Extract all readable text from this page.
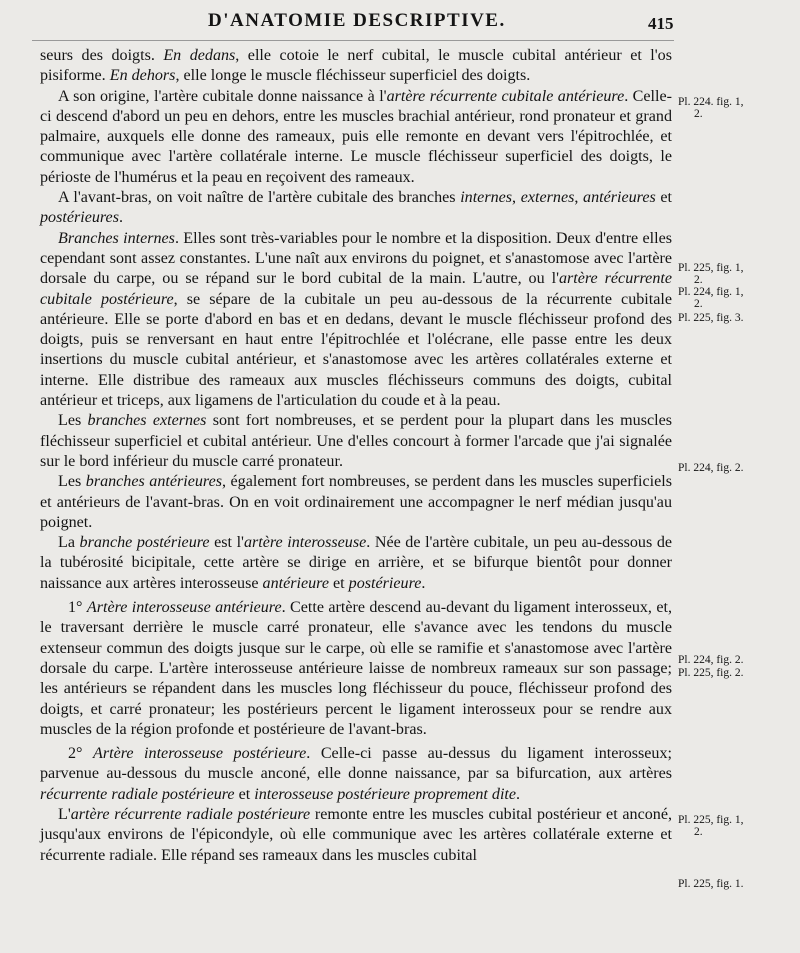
D'ANATOMIE DESCRIPTIVE.	415

seurs des doigts. En dedans, elle cotoie le nerf cubital, le muscle cubital antérieur et l'os pisiforme. En dehors, elle longe le muscle fléchisseur superficiel des doigts.

A son origine, l'artère cubitale donne naissance à l'artère récurrente cubitale antérieure. Celle-ci descend d'abord un peu en dehors, entre les muscles brachial antérieur, rond pronateur et grand palmaire, auxquels elle donne des rameaux, puis elle remonte en devant vers l'épitrochlée, et communique avec l'artère collatérale interne. Le muscle fléchisseur superficiel des doigts, le périoste de l'humérus et la peau en reçoivent des rameaux.

A l'avant-bras, on voit naître de l'artère cubitale des branches internes, externes, antérieures et postérieures.

Branches internes. Elles sont très-variables pour le nombre et la disposition. Deux d'entre elles cependant sont assez constantes. L'une naît aux environs du poignet, et s'anastomose avec l'artère dorsale du carpe, ou se répand sur le bord cubital de la main. L'autre, ou l'artère récurrente cubitale postérieure, se sépare de la cubitale un peu au-dessous de la récurrente cubitale antérieure. Elle se porte d'abord en bas et en dedans, devant le muscle fléchisseur profond des doigts, puis se renversant en haut entre l'épitrochlée et l'olécrane, elle passe entre les deux insertions du muscle cubital antérieur, et s'anastomose avec les artères collatérales externe et interne. Elle distribue des rameaux aux muscles fléchisseurs communs des doigts, cubital antérieur et triceps, aux ligamens de l'articulation du coude et à la peau.

Les branches externes sont fort nombreuses, et se perdent pour la plupart dans les muscles fléchisseur superficiel et cubital antérieur. Une d'elles concourt à former l'arcade que j'ai signalée sur le bord inférieur du muscle carré pronateur.

Les branches antérieures, également fort nombreuses, se perdent dans les muscles superficiels et antérieurs de l'avant-bras. On en voit ordinairement une accompagner le nerf médian jusqu'au poignet.

La branche postérieure est l'artère interosseuse. Née de l'artère cubitale, un peu au-dessous de la tubérosité bicipitale, cette artère se dirige en arrière, et se bifurque bientôt pour donner naissance aux artères interosseuse antérieure et postérieure.

1° Artère interosseuse antérieure. Cette artère descend au-devant du ligament interosseux, et, le traversant derrière le muscle carré pronateur, elle s'avance avec les tendons du muscle extenseur commun des doigts jusque sur le carpe, où elle se ramifie et s'anastomose avec l'artère dorsale du carpe. L'artère interosseuse antérieure laisse de nombreux rameaux sur son passage; les antérieurs se répandent dans les muscles long fléchisseur du pouce, fléchisseur profond des doigts, et carré pronateur; les postérieurs percent le ligament interosseux pour se rendre aux muscles de la région profonde et postérieure de l'avant-bras.

2° Artère interosseuse postérieure. Celle-ci passe au-dessus du ligament interosseux; parvenue au-dessous du muscle anconé, elle donne naissance, par sa bifurcation, aux artères récurrente radiale postérieure et interosseuse postérieure proprement dite.

L'artère récurrente radiale postérieure remonte entre les muscles cubital postérieur et anconé, jusqu'aux environs de l'épicondyle, où elle communique avec les artères collatérale externe et récurrente radiale. Elle répand ses rameaux dans les muscles cubital

Pl. 224. fig. 1,
2.
Pl. 225, fig. 1,
2.
Pl. 224, fig. 1,
2.
Pl. 225, fig. 3.
Pl. 224, fig. 2.
Pl. 224, fig. 2.
Pl. 225, fig. 2.
Pl. 225, fig. 1,
2.
Pl. 225, fig. 1.
